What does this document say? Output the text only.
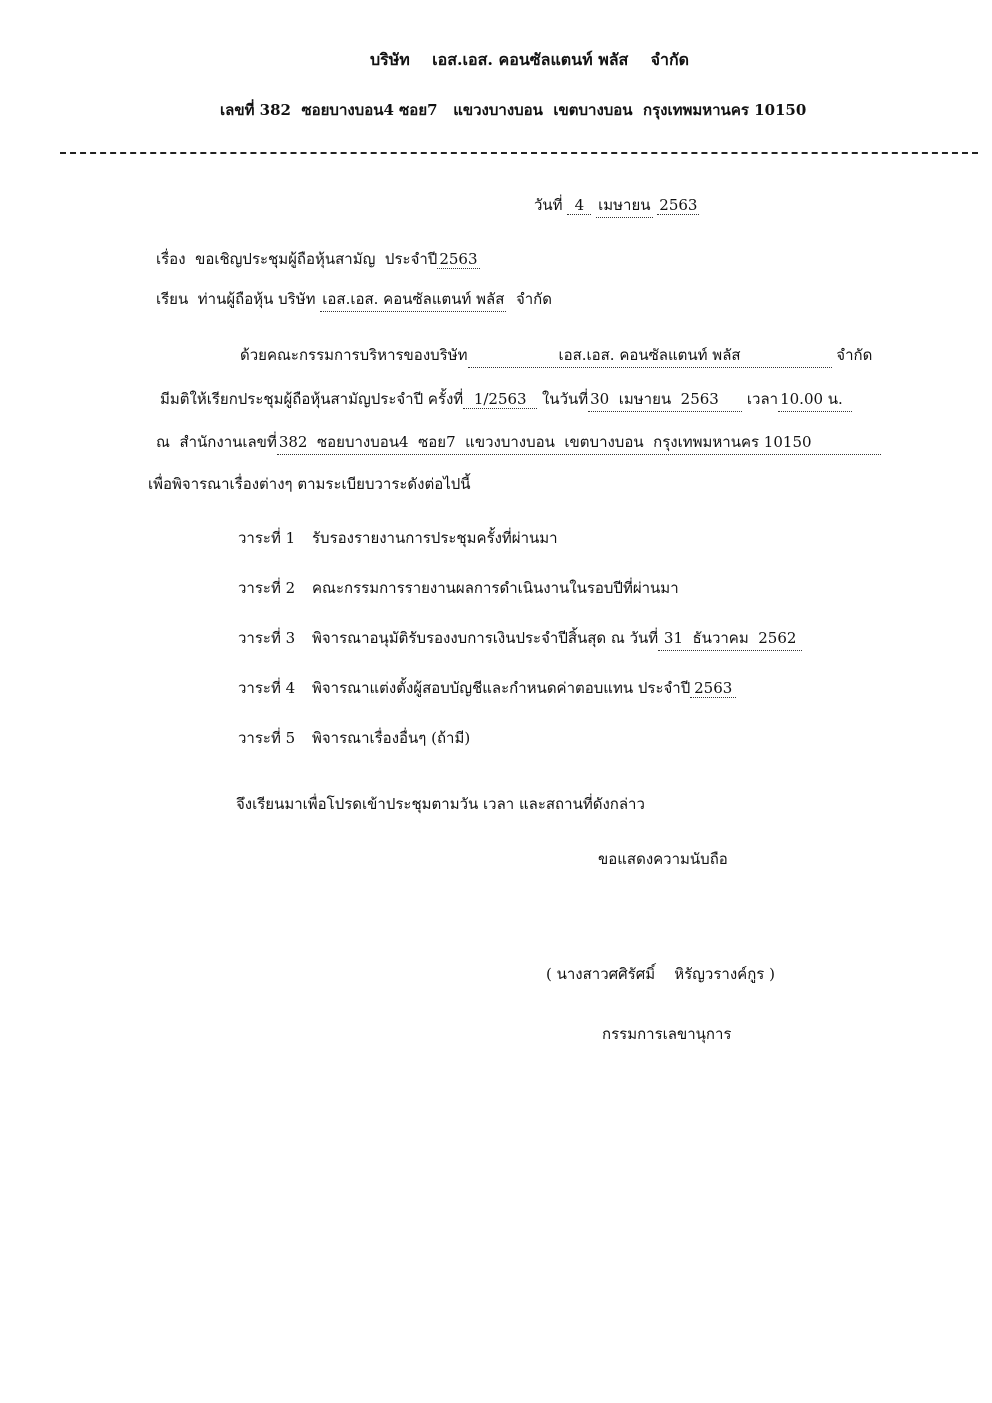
บริษัท เอส.เอส. คอนซัลแตนท์ พลัส จำกัด
เลขที่ 382  ซอยบางบอน4 ซอย7   แขวงบางบอน  เขตบางบอน  กรุงเทพมหานคร 10150
วันที่ 4 เมษายน 2563
เรื่อง ขอเชิญประชุมผู้ถือหุ้นสามัญ  ประจำปี 2563
เรียน ท่านผู้ถือหุ้น บริษัท เอส.เอส. คอนซัลแตนท์ พลัส จำกัด
ด้วยคณะกรรมการบริหารของบริษัท	เอส.เอส. คอนซัลแตนท์ พลัส	จำกัด
มีมติให้เรียกประชุมผู้ถือหุ้นสามัญประจำปี ครั้งที่ 1/2563 ในวันที่ 30  เมษายน  2563 เวลา 10.00 น.
ณ  สำนักงานเลขที่ 382  ซอยบางบอน4  ซอย7  แขวงบางบอน  เขตบางบอน  กรุงเทพมหานคร 10150
เพื่อพิจารณาเรื่องต่างๆ ตามระเบียบวาระดังต่อไปนี้
วาระที่ 1 รับรองรายงานการประชุมครั้งที่ผ่านมา
วาระที่ 2 คณะกรรมการรายงานผลการดำเนินงานในรอบปีที่ผ่านมา
วาระที่ 3 พิจารณาอนุมัติรับรองงบการเงินประจำปีสิ้นสุด ณ วันที่ 31  ธันวาคม  2562
วาระที่ 4 พิจารณาแต่งตั้งผู้สอบบัญชีและกำหนดค่าตอบแทน ประจำปี 2563
วาระที่ 5 พิจารณาเรื่องอื่นๆ (ถ้ามี)
จึงเรียนมาเพื่อโปรดเข้าประชุมตามวัน เวลา และสถานที่ดังกล่าว
ขอแสดงความนับถือ
( นางสาวศศิรัศมิ์    หิรัญวรางค์กูร )
กรรมการเลขานุการ
